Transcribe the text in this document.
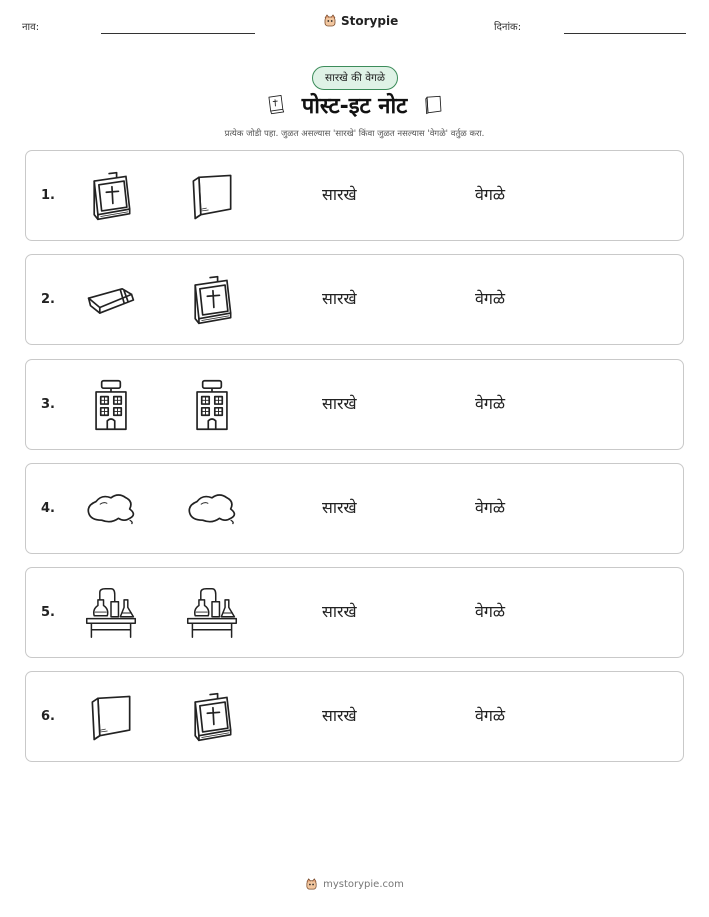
नाव:	Storypie	दिनांक:
सारखे की वेगळे
पोस्ट-इट नोट
प्रत्येक जोडी पहा. जुळत असल्यास 'सारखे' किंवा जुळत नसल्यास 'वेगळे' वर्तुळ करा.
1.	सारखे	वेगळे
2.	सारखे	वेगळे
3.	सारखे	वेगळे
4.	सारखे	वेगळे
5.	सारखे	वेगळे
6.	सारखे	वेगळे
mystorypie.com
